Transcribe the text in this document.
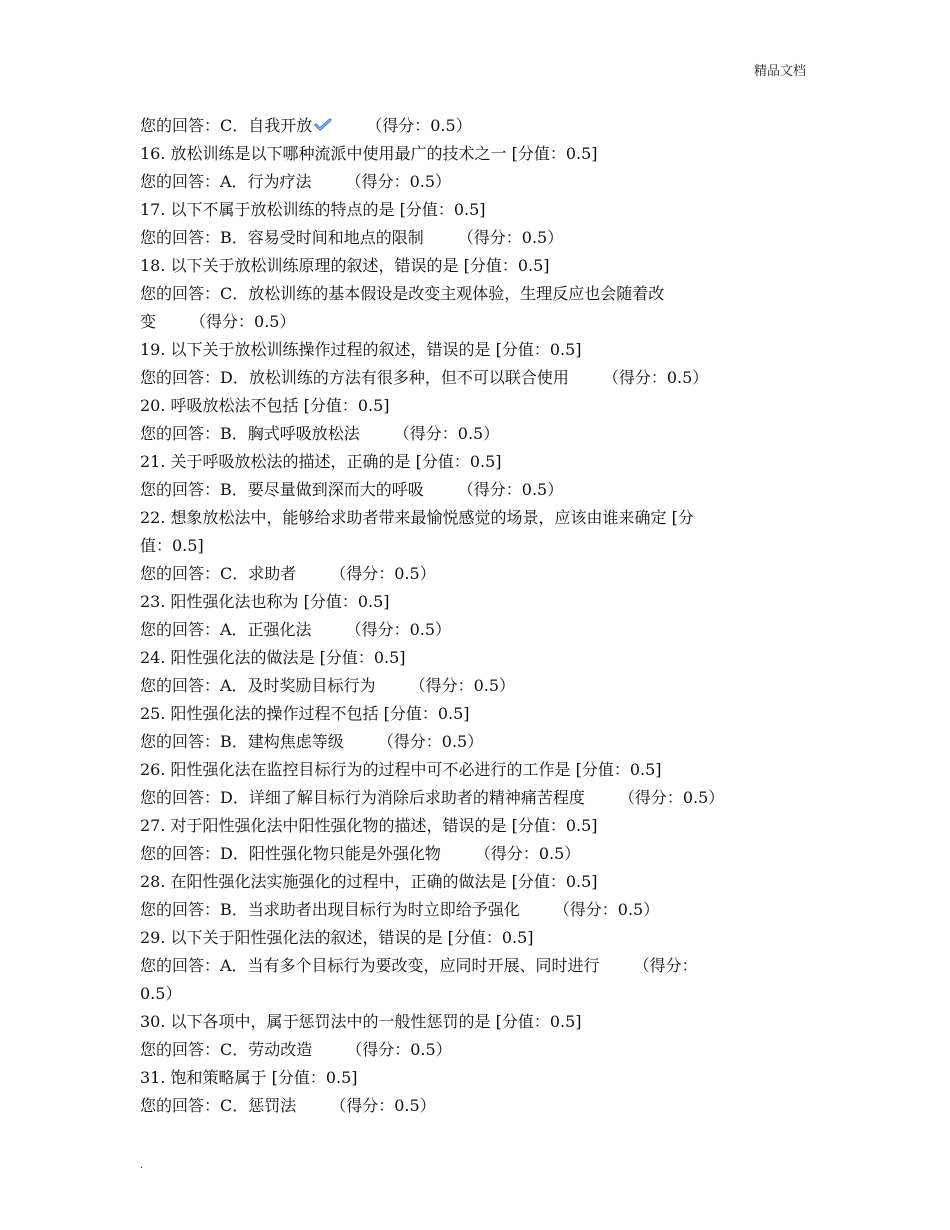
精品文档
您的回答：C．自我开放	（得分：0.5）
16. 放松训练是以下哪种流派中使用最广的技术之一 [分值：0.5]
您的回答：A．行为疗法 （得分：0.5）
17. 以下不属于放松训练的特点的是 [分值：0.5]
您的回答：B．容易受时间和地点的限制 （得分：0.5）
18. 以下关于放松训练原理的叙述，错误的是 [分值：0.5]
您的回答：C．放松训练的基本假设是改变主观体验，生理反应也会随着改
变 （得分：0.5）
19. 以下关于放松训练操作过程的叙述，错误的是 [分值：0.5]
您的回答：D．放松训练的方法有很多种，但不可以联合使用 （得分：0.5）
20. 呼吸放松法不包括 [分值：0.5]
您的回答：B．胸式呼吸放松法 （得分：0.5）
21. 关于呼吸放松法的描述，正确的是 [分值：0.5]
您的回答：B．要尽量做到深而大的呼吸 （得分：0.5）
22. 想象放松法中，能够给求助者带来最愉悦感觉的场景，应该由谁来确定 [分
值：0.5]
您的回答：C．求助者 （得分：0.5）
23. 阳性强化法也称为 [分值：0.5]
您的回答：A．正强化法 （得分：0.5）
24. 阳性强化法的做法是 [分值：0.5]
您的回答：A．及时奖励目标行为 （得分：0.5）
25. 阳性强化法的操作过程不包括 [分值：0.5]
您的回答：B．建构焦虑等级 （得分：0.5）
26. 阳性强化法在监控目标行为的过程中可不必进行的工作是 [分值：0.5]
您的回答：D．详细了解目标行为消除后求助者的精神痛苦程度 （得分：0.5）
27. 对于阳性强化法中阳性强化物的描述，错误的是 [分值：0.5]
您的回答：D．阳性强化物只能是外强化物 （得分：0.5）
28. 在阳性强化法实施强化的过程中，正确的做法是 [分值：0.5]
您的回答：B．当求助者出现目标行为时立即给予强化 （得分：0.5）
29. 以下关于阳性强化法的叙述，错误的是 [分值：0.5]
您的回答：A．当有多个目标行为要改变，应同时开展、同时进行 （得分：
0.5）
30. 以下各项中，属于惩罚法中的一般性惩罚的是 [分值：0.5]
您的回答：C．劳动改造 （得分：0.5）
31. 饱和策略属于 [分值：0.5]
您的回答：C．惩罚法 （得分：0.5）
.
